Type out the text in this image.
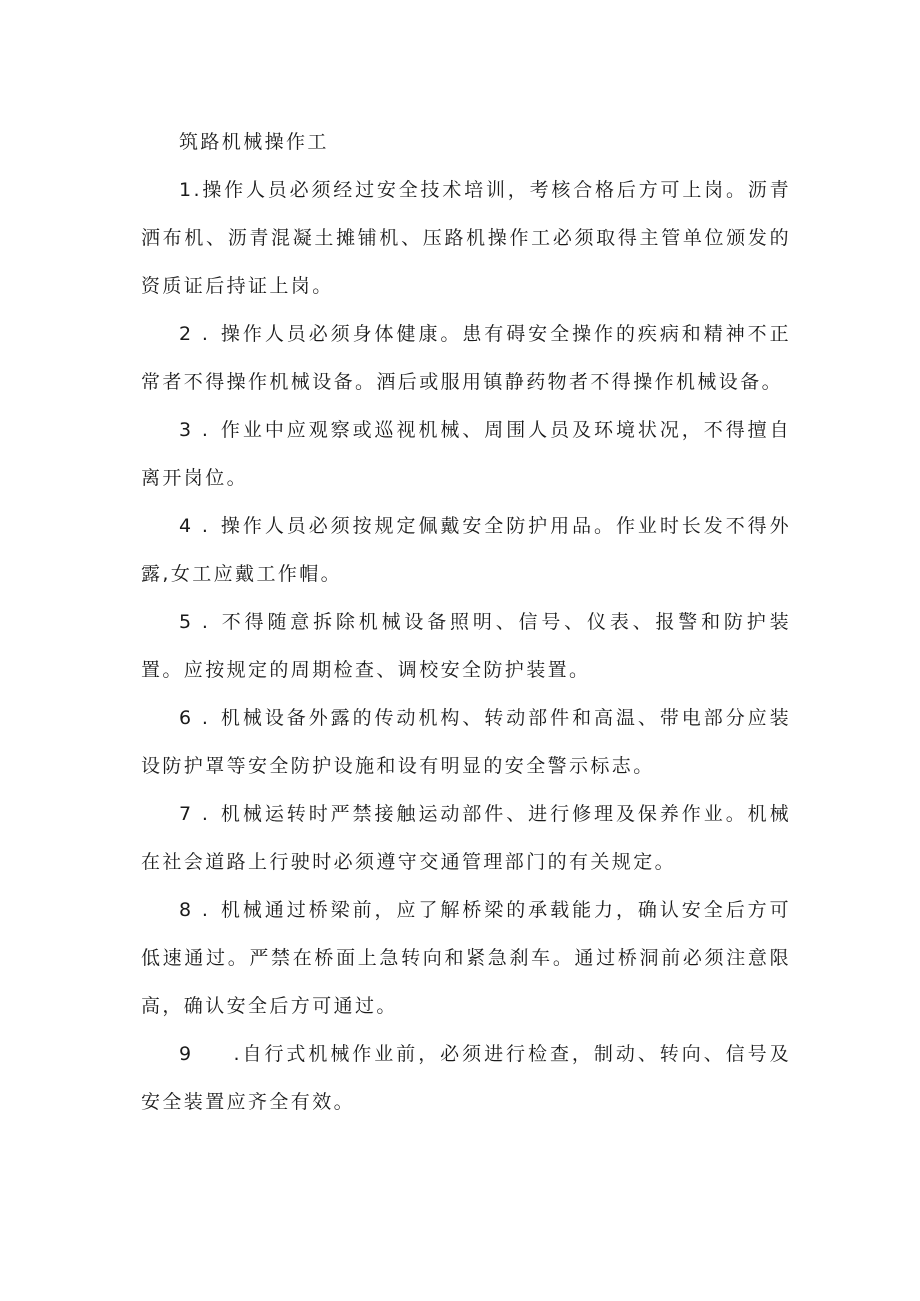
筑路机械操作工

1.操作人员必须经过安全技术培训，考核合格后方可上岗。沥青洒布机、沥青混凝土摊铺机、压路机操作工必须取得主管单位颁发的资质证后持证上岗。

2 . 操作人员必须身体健康。患有碍安全操作的疾病和精神不正常者不得操作机械设备。酒后或服用镇静药物者不得操作机械设备。

3 . 作业中应观察或巡视机械、周围人员及环境状况，不得擅自离开岗位。

4 . 操作人员必须按规定佩戴安全防护用品。作业时长发不得外露,女工应戴工作帽。

5 . 不得随意拆除机械设备照明、信号、仪表、报警和防护装置。应按规定的周期检查、调校安全防护装置。

6 . 机械设备外露的传动机构、转动部件和高温、带电部分应装设防护罩等安全防护设施和设有明显的安全警示标志。

7 . 机械运转时严禁接触运动部件、进行修理及保养作业。机械在社会道路上行驶时必须遵守交通管理部门的有关规定。

8 . 机械通过桥梁前，应了解桥梁的承载能力，确认安全后方可低速通过。严禁在桥面上急转向和紧急刹车。通过桥洞前必须注意限高，确认安全后方可通过。

9 .自行式机械作业前，必须进行检查，制动、转向、信号及安全装置应齐全有效。
